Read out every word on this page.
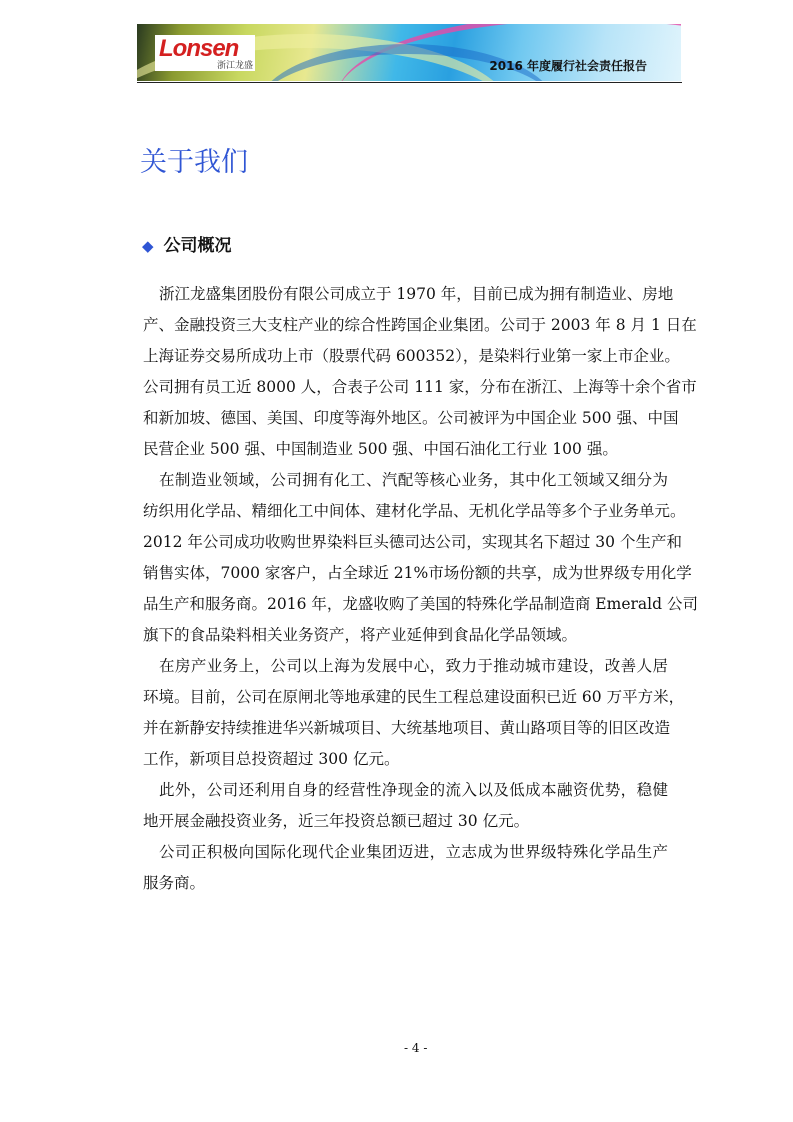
Lonsen
浙江龙盛	2016 年度履行社会责任报告
关于我们
◆ 公司概况
浙江龙盛集团股份有限公司成立于 1970 年，目前已成为拥有制造业、房地
产、金融投资三大支柱产业的综合性跨国企业集团。公司于 2003 年 8 月 1 日在
上海证券交易所成功上市（股票代码 600352），是染料行业第一家上市企业。
公司拥有员工近 8000 人，合表子公司 111 家，分布在浙江、上海等十余个省市
和新加坡、德国、美国、印度等海外地区。公司被评为中国企业 500 强、中国
民营企业 500 强、中国制造业 500 强、中国石油化工行业 100 强。
在制造业领域，公司拥有化工、汽配等核心业务，其中化工领域又细分为
纺织用化学品、精细化工中间体、建材化学品、无机化学品等多个子业务单元。
2012 年公司成功收购世界染料巨头德司达公司，实现其名下超过 30 个生产和
销售实体，7000 家客户，占全球近 21%市场份额的共享，成为世界级专用化学
品生产和服务商。2016 年，龙盛收购了美国的特殊化学品制造商 Emerald 公司
旗下的食品染料相关业务资产，将产业延伸到食品化学品领域。
在房产业务上，公司以上海为发展中心，致力于推动城市建设，改善人居
环境。目前，公司在原闸北等地承建的民生工程总建设面积已近 60 万平方米，
并在新静安持续推进华兴新城项目、大统基地项目、黄山路项目等的旧区改造
工作，新项目总投资超过 300 亿元。
此外，公司还利用自身的经营性净现金的流入以及低成本融资优势，稳健
地开展金融投资业务，近三年投资总额已超过 30 亿元。
公司正积极向国际化现代企业集团迈进，立志成为世界级特殊化学品生产
服务商。
- 4 -
